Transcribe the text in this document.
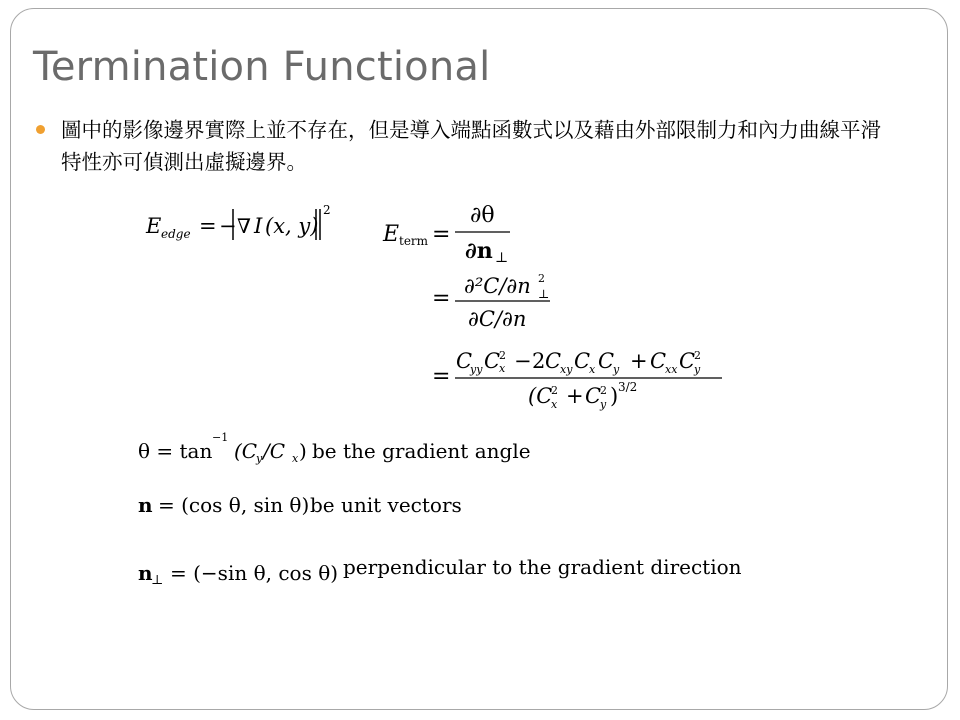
Termination Functional

圖中的影像邊界實際上並不存在，但是導入端點函數式以及藉由外部限制力和內力曲線平滑特性亦可偵測出虛擬邊界。

E edge = − ∇ I (x, y)
2
E term =
∂θ
∂n ⊥
= ∂²C/∂n 2
⊥
∂C/∂n
=
C
yy C
x
2 − 2 C
xy C
x C
y + C
xx C
y
2
(C
x
2 + C
y
2 ) 3/2
θ = tan
−1
(C
y /C x ) be the gradient angle
n = (cos θ, sin θ) be unit vectors
n
⊥ = (−sin θ, cos θ) perpendicular to the gradient direction
